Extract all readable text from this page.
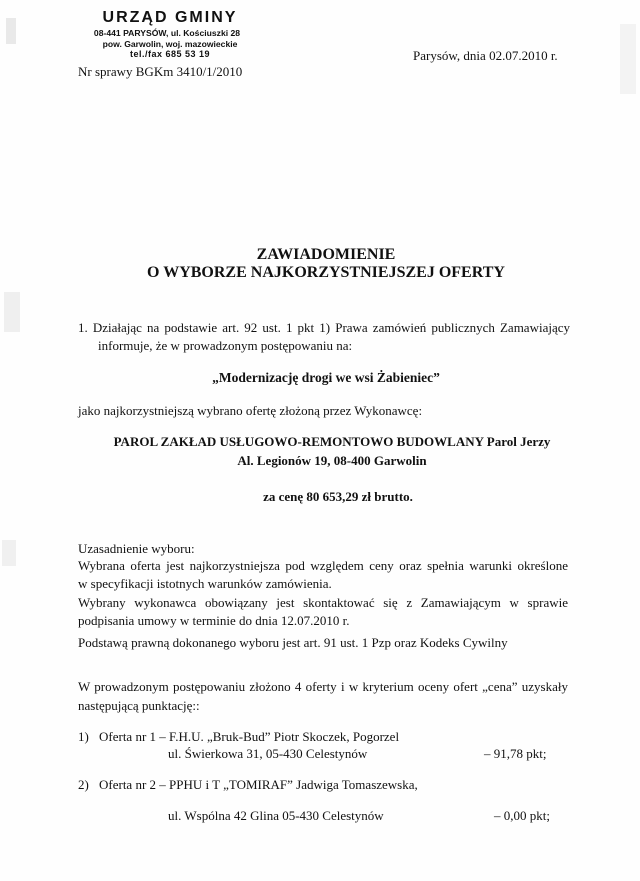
URZĄD GMINY
08-441 PARYSÓW, ul. Kościuszki 28
pow. Garwolin, woj. mazowieckie
tel./fax 685 53 19
Nr sprawy BGKm 3410/1/2010
Parysów, dnia 02.07.2010 r.
ZAWIADOMIENIE
O WYBORZE NAJKORZYSTNIEJSZEJ OFERTY
1. Działając na podstawie art. 92 ust. 1 pkt 1) Prawa zamówień publicznych Zamawiający
informuje, że w prowadzonym postępowaniu na:
„Modernizację drogi we wsi Żabieniec”
jako najkorzystniejszą wybrano ofertę złożoną przez Wykonawcę:
PAROL ZAKŁAD USŁUGOWO-REMONTOWO BUDOWLANY Parol Jerzy
Al. Legionów 19, 08-400 Garwolin
za cenę 80 653,29 zł brutto.
Uzasadnienie wyboru:
Wybrana oferta jest najkorzystniejsza pod względem ceny oraz spełnia warunki określone
w specyfikacji istotnych warunków zamówienia.
Wybrany wykonawca obowiązany jest skontaktować się z Zamawiającym w sprawie
podpisania umowy w terminie do dnia 12.07.2010 r.
Podstawą prawną dokonanego wyboru jest art. 91 ust. 1 Pzp oraz Kodeks Cywilny
W prowadzonym postępowaniu złożono 4 oferty i w kryterium oceny ofert „cena” uzyskały
następującą punktację::
1) Oferta nr 1 – F.H.U. „Bruk-Bud” Piotr Skoczek, Pogorzel
ul. Świerkowa 31, 05-430 Celestynów	– 91,78 pkt;
2) Oferta nr 2 – PPHU i T „TOMIRAF” Jadwiga Tomaszewska,
ul. Wspólna 42 Glina 05-430 Celestynów	– 0,00 pkt;
